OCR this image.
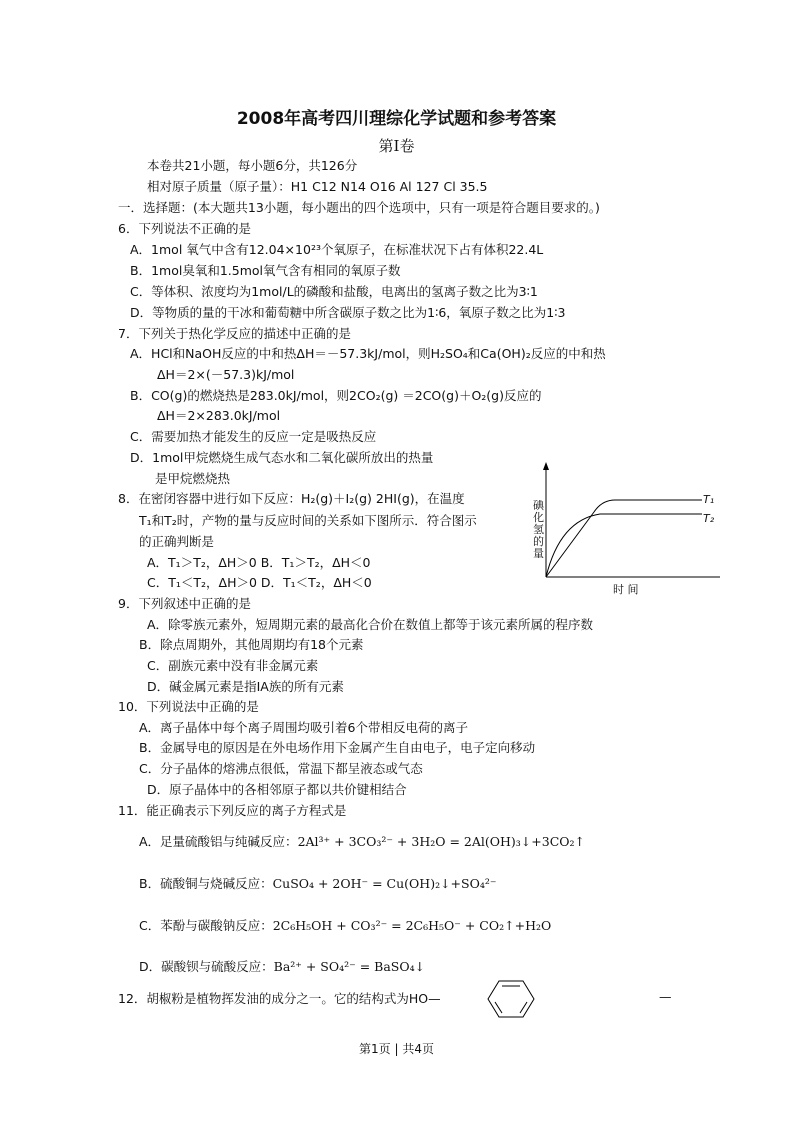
2008年高考四川理综化学试题和参考答案
第Ⅰ卷
本卷共21小题，每小题6分，共126分
相对原子质量（原子量）：H1 C12 N14 O16 Al 127 Cl 35.5
一．选择题：(本大题共13小题，每小题出的四个选项中，只有一项是符合题目要求的。)
6．下列说法不正确的是
A．1mol 氧气中含有12.04×10²³个氧原子，在标准状况下占有体积22.4L
B．1mol臭氧和1.5mol氧气含有相同的氧原子数
C．等体积、浓度均为1mol/L的磷酸和盐酸，电离出的氢离子数之比为3∶1
D．等物质的量的干冰和葡萄糖中所含碳原子数之比为1∶6，氧原子数之比为1∶3
7．下列关于热化学反应的描述中正确的是
A．HCl和NaOH反应的中和热ΔH＝－57.3kJ/mol，则H₂SO₄和Ca(OH)₂反应的中和热
ΔH＝2×(－57.3)kJ/mol
B．CO(g)的燃烧热是283.0kJ/mol，则2CO₂(g) ＝2CO(g)＋O₂(g)反应的
ΔH＝2×283.0kJ/mol
C．需要加热才能发生的反应一定是吸热反应
D．1mol甲烷燃烧生成气态水和二氧化碳所放出的热量
是甲烷燃烧热
8．在密闭容器中进行如下反应：H₂(g)＋I₂(g) 2HI(g)，在温度
T₁和T₂时，产物的量与反应时间的关系如下图所示．符合图示
的正确判断是
A．T₁＞T₂，ΔH＞0 B．T₁＞T₂，ΔH＜0
C．T₁＜T₂，ΔH＞0 D．T₁＜T₂，ΔH＜0
T₁
T₂
碘化氢的量
时 间
9．下列叙述中正确的是
A．除零族元素外，短周期元素的最高化合价在数值上都等于该元素所属的程序数
B．除点周期外，其他周期均有18个元素
C．副族元素中没有非金属元素
D．碱金属元素是指ⅠA族的所有元素
10．下列说法中正确的是
A．离子晶体中每个离子周围均吸引着6个带相反电荷的离子
B．金属导电的原因是在外电场作用下金属产生自由电子，电子定向移动
C．分子晶体的熔沸点很低，常温下都呈液态或气态
D．原子晶体中的各相邻原子都以共价键相结合
11．能正确表示下列反应的离子方程式是
A．足量硫酸铝与纯碱反应：2Al³⁺ + 3CO₃²⁻ + 3H₂O = 2Al(OH)₃↓+3CO₂↑
B．硫酸铜与烧碱反应：CuSO₄ + 2OH⁻ = Cu(OH)₂↓+SO₄²⁻
C．苯酚与碳酸钠反应：2C₆H₅OH + CO₃²⁻ = 2C₆H₅O⁻ + CO₂↑+H₂O
D．碳酸钡与硫酸反应：Ba²⁺ + SO₄²⁻ = BaSO₄↓
12．胡椒粉是植物挥发油的成分之一。它的结构式为HO—	—
第1页 | 共4页
